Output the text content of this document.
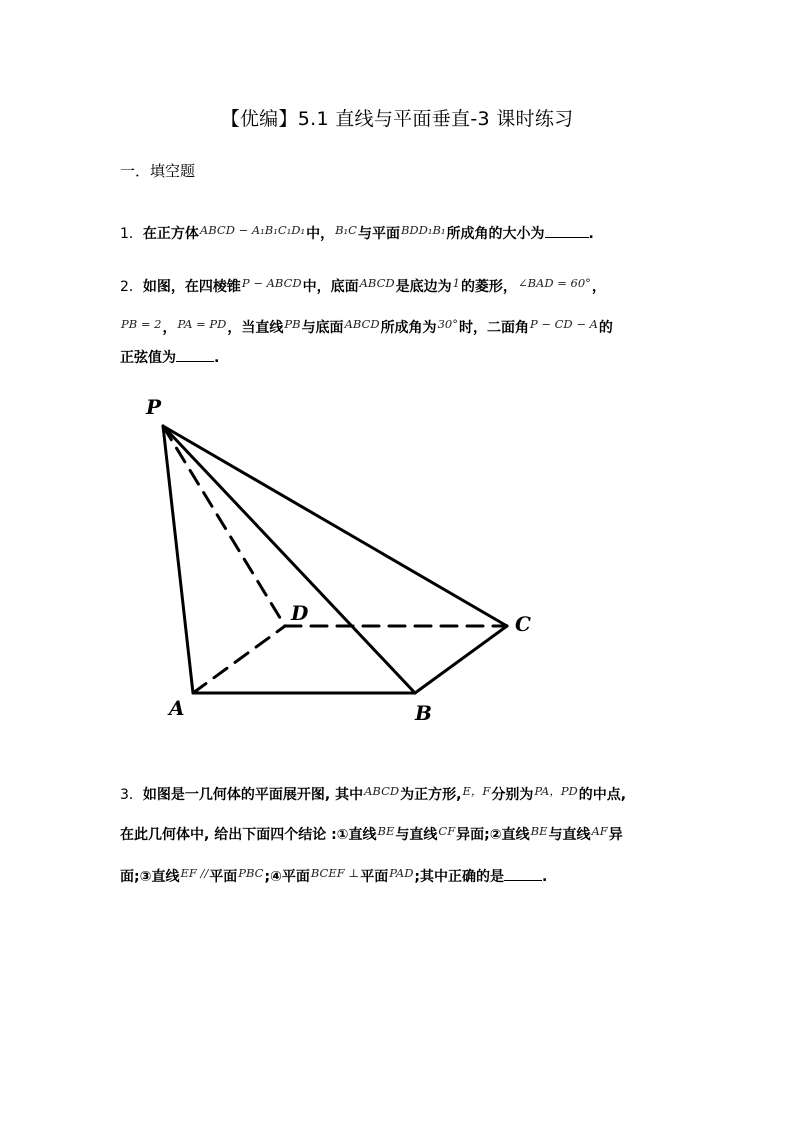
【优编】5.1 直线与平面垂直-3 课时练习
一．填空题
1．在正方体$^{ABCD - A_1B_1C_1D_1}$中，$^{B_1C}$与平面$^{BDD_1B_1}$所成角的大小为	.
2．如图，在四棱锥$^{P - ABCD}$中，底面$^{ABCD}$是底边为$^1$的菱形，$^{\angle BAD = 60^\circ}$，
$^{PB = 2}$，$^{PA = PD}$，当直线$^{PB}$与底面$^{ABCD}$所成角为$^{30^\circ}$时，二面角$^{P - CD - A}$的
正弦值为	.
P
D	C
A	B
3．如图是一几何体的平面展开图, 其中$^{ABCD}$为正方形,$^{E,F}$分别为$^{PA,PD}$的中点,
在此几何体中, 给出下面四个结论 :①直线$^{BE}$与直线$^{CF}$异面;②直线$^{BE}$与直线$^{AF}$异
面;③直线$^{EF //}$平面$^{PBC}$;④平面$^{BCEF \perp}$平面$^{PAD}$;其中正确的是	.
